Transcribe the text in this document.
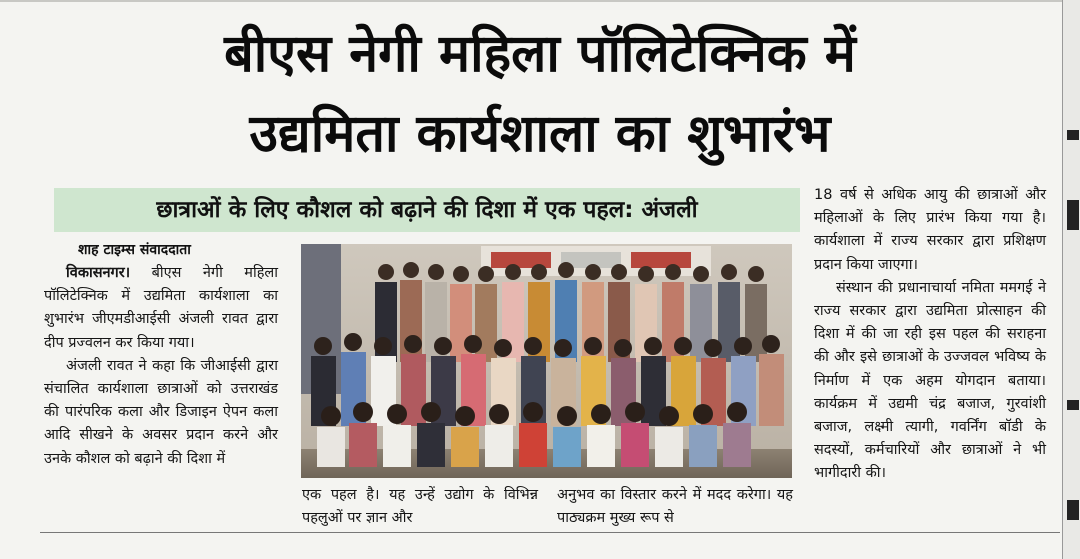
बीएस नेगी महिला पॉलिटेक्निक में
उद्यमिता कार्यशाला का शुभारंभ
छात्राओं के लिए कौशल को बढ़ाने की दिशा में एक पहल: अंजली
शाह टाइम्स संवाददाता

विकासनगर। बीएस नेगी महिला पॉलिटेक्निक में उद्यमिता कार्यशाला का शुभारंभ जीएमडीआईसी अंजली रावत द्वारा दीप प्रज्वलन कर किया गया।

अंजली रावत ने कहा कि जीआईसी द्वारा संचालित कार्यशाला छात्राओं को उत्तराखंड की पारंपरिक कला और डिजाइन ऐपन कला आदि सीखने के अवसर प्रदान करने और उनके कौशल को बढ़ाने की दिशा में

एक पहल है। यह उन्हें उद्योग के विभिन्न पहलुओं पर ज्ञान और
अनुभव का विस्तार करने में मदद करेगा। यह पाठ्यक्रम मुख्य रूप से

18 वर्ष से अधिक आयु की छात्राओं और महिलाओं के लिए प्रारंभ किया गया है। कार्यशाला में राज्य सरकार द्वारा प्रशिक्षण प्रदान किया जाएगा।

संस्थान की प्रधानाचार्या नमिता ममगई ने राज्य सरकार द्वारा उद्यमिता प्रोत्साहन की दिशा में की जा रही इस पहल की सराहना की और इसे छात्राओं के उज्जवल भविष्य के निर्माण में एक अहम योगदान बताया। कार्यक्रम में उद्यमी चंद्र बजाज, गुरवांशी बजाज, लक्ष्मी त्यागी, गवर्निंग बॉडी के सदस्यों, कर्मचारियों और छात्राओं ने भी भागीदारी की।
